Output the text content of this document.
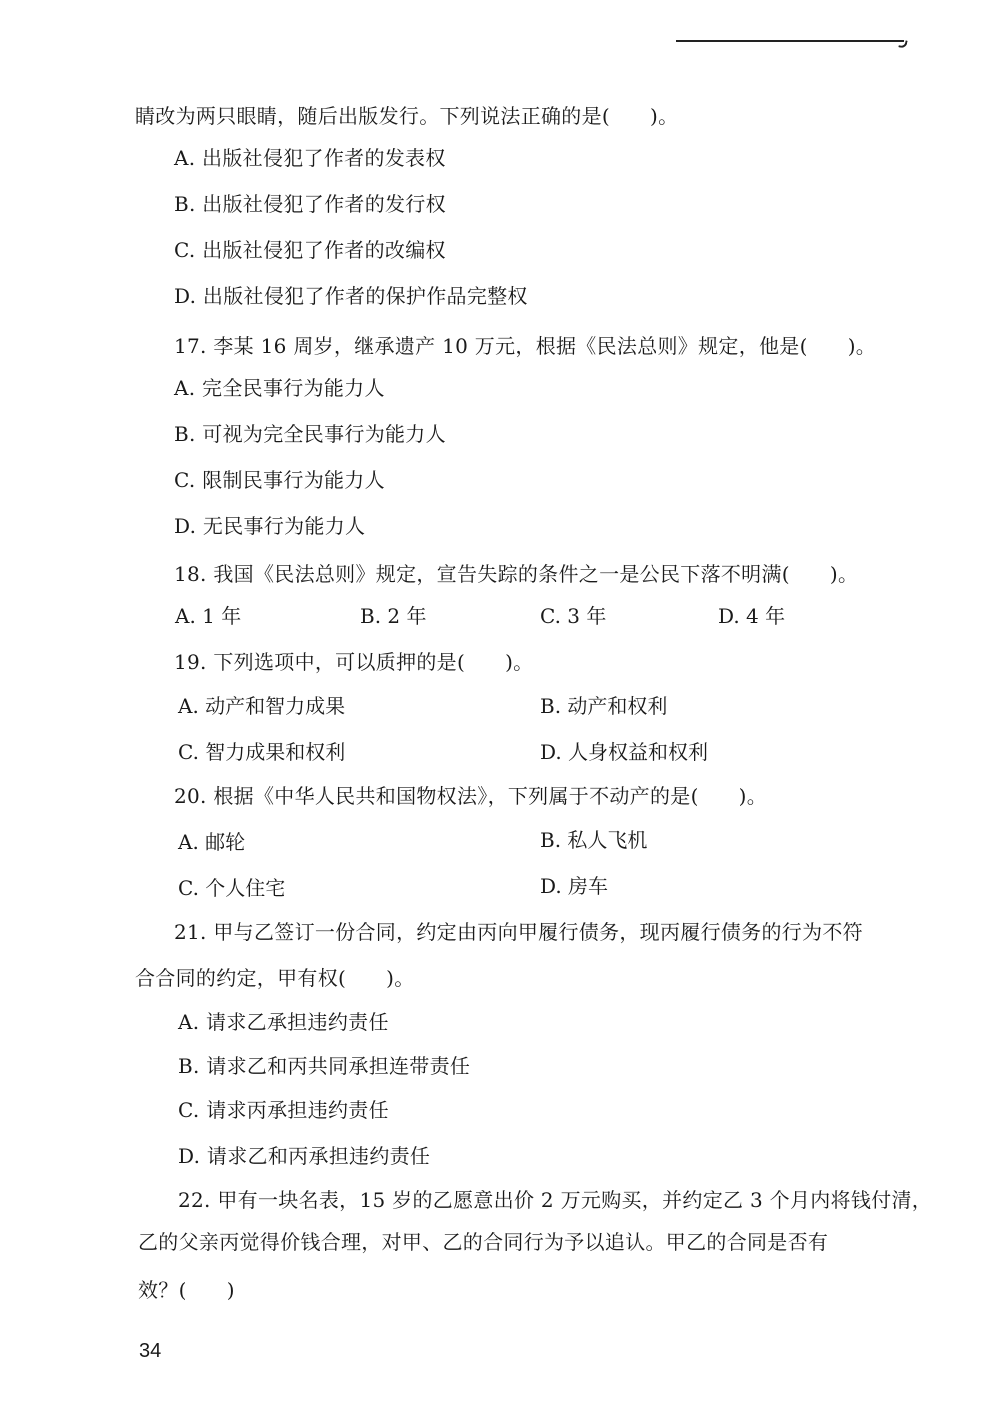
睛改为两只眼睛，随后出版发行。下列说法正确的是( )。
A. 出版社侵犯了作者的发表权
B. 出版社侵犯了作者的发行权
C. 出版社侵犯了作者的改编权
D. 出版社侵犯了作者的保护作品完整权
17. 李某 16 周岁，继承遗产 10 万元，根据《民法总则》规定，他是( )。
A. 完全民事行为能力人
B. 可视为完全民事行为能力人
C. 限制民事行为能力人
D. 无民事行为能力人
18. 我国《民法总则》规定，宣告失踪的条件之一是公民下落不明满( )。
A. 1 年	B. 2 年	C. 3 年	D. 4 年
19. 下列选项中，可以质押的是( )。
A. 动产和智力成果	B. 动产和权利
C. 智力成果和权利	D. 人身权益和权利
20. 根据《中华人民共和国物权法》，下列属于不动产的是( )。
A. 邮轮	B. 私人飞机
C. 个人住宅	D. 房车
21. 甲与乙签订一份合同，约定由丙向甲履行债务，现丙履行债务的行为不符
合合同的约定，甲有权( )。
A. 请求乙承担违约责任
B. 请求乙和丙共同承担连带责任
C. 请求丙承担违约责任
D. 请求乙和丙承担违约责任
22. 甲有一块名表，15 岁的乙愿意出价 2 万元购买，并约定乙 3 个月内将钱付清，
乙的父亲丙觉得价钱合理，对甲、乙的合同行为予以追认。甲乙的合同是否有
效？( )
34
